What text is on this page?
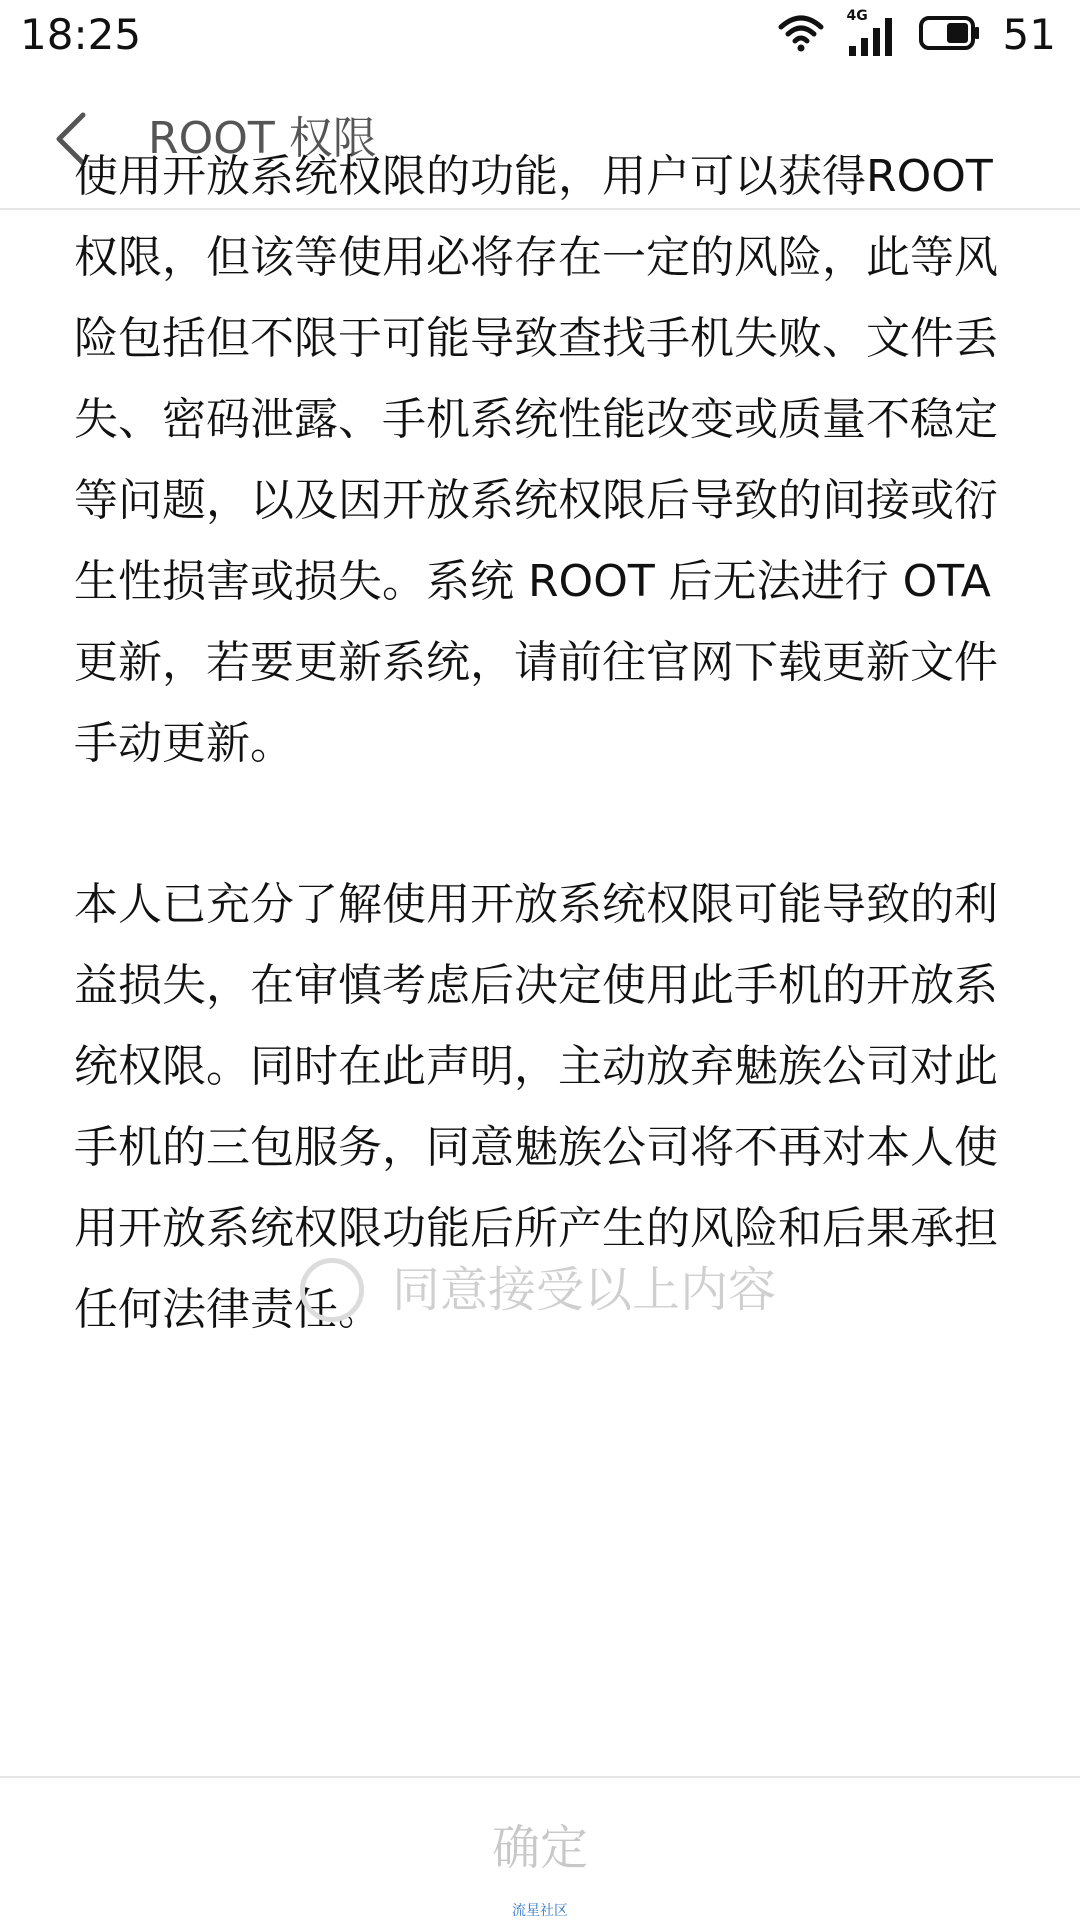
18:25	4G	51
ROOT 权限

使用开放系统权限的功能，用户可以获得ROOT 权限，但该等使用必将存在一定的风险，此等风险包括但不限于可能导致查找手机失败、文件丢失、密码泄露、手机系统性能改变或质量不稳定等问题，以及因开放系统权限后导致的间接或衍生性损害或损失。系统 ROOT 后无法进行 OTA 更新，若要更新系统，请前往官网下载更新文件手动更新。

本人已充分了解使用开放系统权限可能导致的利益损失，在审慎考虑后决定使用此手机的开放系统权限。同时在此声明，主动放弃魅族公司对此手机的三包服务，同意魅族公司将不再对本人使用开放系统权限功能后所产生的风险和后果承担任何法律责任。 同意接受以上内容
确定
流星社区
